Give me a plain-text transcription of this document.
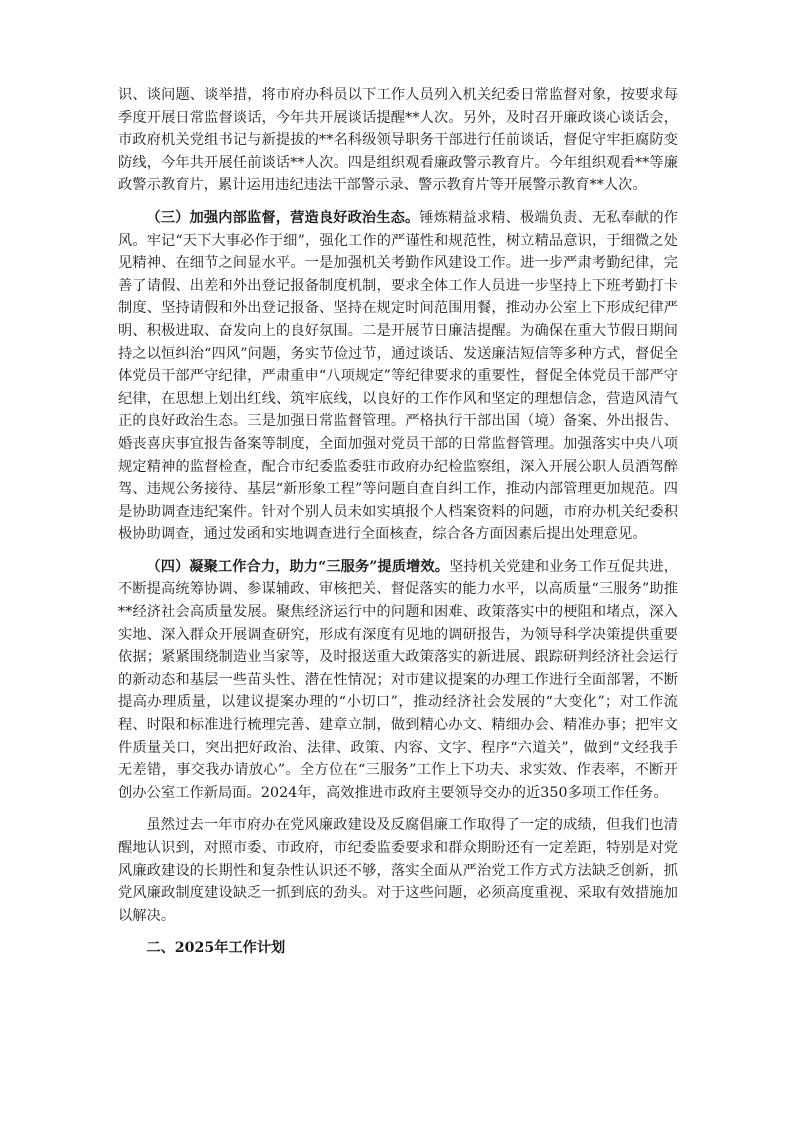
识、谈问题、谈举措，将市府办科员以下工作人员列入机关纪委日常监督对象，按要求每季度开展日常监督谈话，今年共开展谈话提醒**人次。另外，及时召开廉政谈心谈话会，市政府机关党组书记与新提拔的**名科级领导职务干部进行任前谈话，督促守牢拒腐防变防线，今年共开展任前谈话**人次。四是组织观看廉政警示教育片。今年组织观看**等廉政警示教育片，累计运用违纪违法干部警示录、警示教育片等开展警示教育**人次。

（三）加强内部监督，营造良好政治生态。锤炼精益求精、极端负责、无私奉献的作风。牢记“天下大事必作于细”，强化工作的严谨性和规范性，树立精品意识，于细微之处见精神、在细节之间显水平。一是加强机关考勤作风建设工作。进一步严肃考勤纪律，完善了请假、出差和外出登记报备制度机制，要求全体工作人员进一步坚持上下班考勤打卡制度、坚持请假和外出登记报备、坚持在规定时间范围用餐，推动办公室上下形成纪律严明、积极进取、奋发向上的良好氛围。二是开展节日廉洁提醒。为确保在重大节假日期间持之以恒纠治“四风”问题，务实节俭过节，通过谈话、发送廉洁短信等多种方式，督促全体党员干部严守纪律，严肃重申“八项规定”等纪律要求的重要性，督促全体党员干部严守纪律，在思想上划出红线、筑牢底线，以良好的工作作风和坚定的理想信念，营造风清气正的良好政治生态。三是加强日常监督管理。严格执行干部出国（境）备案、外出报告、婚丧喜庆事宜报告备案等制度，全面加强对党员干部的日常监督管理。加强落实中央八项规定精神的监督检查，配合市纪委监委驻市政府办纪检监察组，深入开展公职人员酒驾醉驾、违规公务接待、基层“新形象工程”等问题自查自纠工作，推动内部管理更加规范。四是协助调查违纪案件。针对个别人员未如实填报个人档案资料的问题，市府办机关纪委积极协助调查，通过发函和实地调查进行全面核查，综合各方面因素后提出处理意见。

（四）凝聚工作合力，助力“三服务”提质增效。坚持机关党建和业务工作互促共进，不断提高统筹协调、参谋辅政、审核把关、督促落实的能力水平，以高质量“三服务”助推**经济社会高质量发展。聚焦经济运行中的问题和困难、政策落实中的梗阻和堵点，深入实地、深入群众开展调查研究，形成有深度有见地的调研报告，为领导科学决策提供重要依据；紧紧围绕制造业当家等，及时报送重大政策落实的新进展、跟踪研判经济社会运行的新动态和基层一些苗头性、潜在性情况；对市建议提案的办理工作进行全面部署，不断提高办理质量，以建议提案办理的“小切口”，推动经济社会发展的“大变化”；对工作流程、时限和标准进行梳理完善、建章立制，做到精心办文、精细办会、精准办事；把牢文件质量关口，突出把好政治、法律、政策、内容、文字、程序“六道关”，做到“文经我手无差错，事交我办请放心”。全方位在“三服务”工作上下功夫、求实效、作表率，不断开创办公室工作新局面。2024年，高效推进市政府主要领导交办的近350多项工作任务。

虽然过去一年市府办在党风廉政建设及反腐倡廉工作取得了一定的成绩，但我们也清醒地认识到，对照市委、市政府，市纪委监委要求和群众期盼还有一定差距，特别是对党风廉政建设的长期性和复杂性认识还不够，落实全面从严治党工作方式方法缺乏创新，抓党风廉政制度建设缺乏一抓到底的劲头。对于这些问题，必须高度重视、采取有效措施加以解决。

二、2025年工作计划
